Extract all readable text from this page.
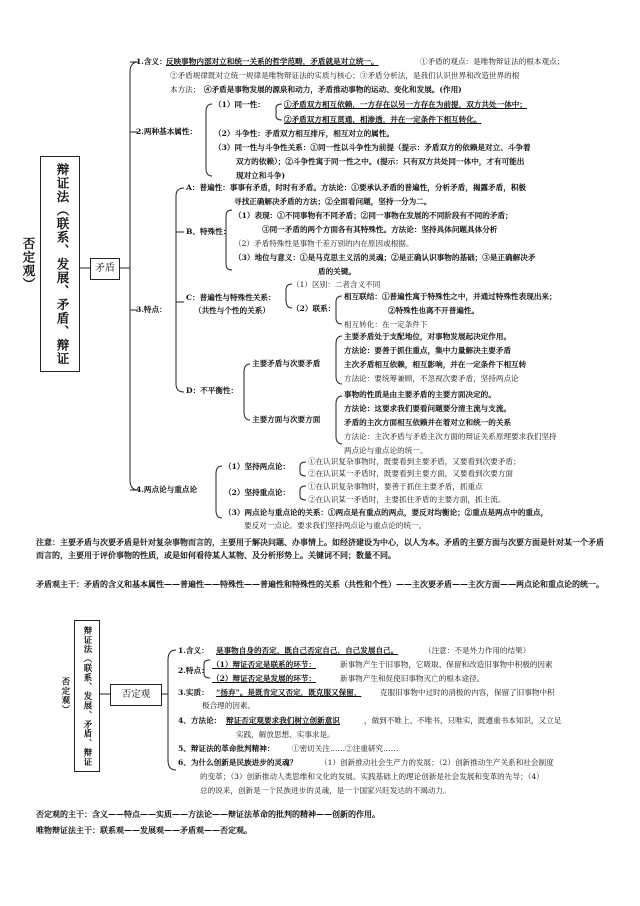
辩证法（联系、发展、矛盾、辩证否定观）	矛盾
1.含义： 反映事物内部对立和统一关系的哲学范畴，矛盾就是对立统一。	①矛盾的观点：是唯物辩证法的根本观点；
②矛盾规律既对立统一规律是唯物辩证法的实质与核心；③矛盾分析法，是我们认识世界和改造世界的根
本方法； ④矛盾是事物发展的源泉和动力，矛盾推动事物的运动、变化和发展。(作用)
2.两种基本属性：
（1）同一性：	①矛盾双方相互依赖，一方存在以另一方存在为前提，双方共处一体中；
②矛盾双方相互贯通，相渗透，并在一定条件下相互转化。
（2）斗争性：矛盾双方相互排斥，相互对立的属性。
（3）同一性与斗争性关系：①同一性以斗争性为前提（提示：矛盾双方的依赖是对立、斗争着
双方的依赖）；②斗争性寓于同一性之中。(提示：只有双方共处同一体中，才有可能出
现对立和斗争)
3.特点：
A：普遍性：事事有矛盾，时时有矛盾。方法论：①要承认矛盾的普遍性，分析矛盾，揭露矛盾，积极
寻找正确解决矛盾的方法；②全面看问题，坚持一分为二。
B、特殊性：
（1）表现：①不同事物有不同矛盾；②同一事物在发展的不同阶段有不同的矛盾；
③同一矛盾的两个方面各有其特殊性。方法论：坚持具体问题具体分析
（2）矛盾特殊性是事物千差万别的内在原因或根据。
（3）地位与意义：①是马克思主义活的灵魂；②是正确认识事物的基础；③是正确解决矛
盾的关键。
C：普遍性与特殊性关系：
（共性与个性的关系）
（1）区别：二者含义不同
（2）联系：
相互联结：①普遍性寓于特殊性之中，并通过特殊性表现出来；
②特殊性也离不开普遍性。
相互转化：在一定条件下
D：不平衡性：
主要矛盾与次要矛盾
主要矛盾处于支配地位，对事物发展起决定作用。
方法论：要善于抓住重点，集中力量解决主要矛盾
主次矛盾相互依赖，相互影响，并在一定条件下相互转
方法论：要统筹兼顾，不忽视次要矛盾，坚持两点论
主要方面与次要方面
事物的性质是由主要矛盾的主要方面决定的。
方法论：这要求我们要看问题要分清主流与支流。
矛盾的主次方面相互依赖并在着对立和统一的关系
方法论：主次矛盾与矛盾主次方面的辩证关系原理要求我们坚持
两点论与重点论的统一。
4.两点论与重点论
（1）坚持两点论：
①在认识复杂事物时，既要看到主要矛盾，又要看到次要矛盾；
②在认识某一矛盾时，既要看到主要方面，又要看到次要方面
（2）坚持重点论：
①在认识复杂事物时，要善于抓住主要矛盾，抓重点
②在认识某一矛盾时，主要抓住矛盾的主要方面，抓主流。
（3）两点论与重点论的关系：①两点是有重点的两点，要反对均衡论；②重点是两点中的重点，
要反对一点论。要求我们坚持两点论与重点论的统一。
注意：主要矛盾与次要矛盾是针对复杂事物而言的，主要用于解决问题、办事情上。如经济建设为中心，以人为本。矛盾的主要方面与次要方面是针对某一个矛盾而言的，主要用于评价事物的性质，或是如何看待某人某物、及分析形势上。关键词不同；数量不同。
矛盾观主干：矛盾的含义和基本属性——普遍性——特殊性——普遍性和特殊性的关系（共性和个性）——主次要矛盾——主次方面——两点论和重点论的统一。
辩证法（联系、发展、矛盾、辩证否定观）	否定观
1.含义： 是事物自身的否定，既自己否定自己，自己发展自己。	（注意：不是外力作用的结果）
2.特点：
（1）辩证否定是联系的环节：	新事物产生于旧事物，它吸取、保留和改造旧事物中积极的因素
（2）辩证否定是发展的环节：	新事物产生和促使旧事物灭亡的根本途径。
3.实质： “扬弃”。是既肯定又否定，既克服又保留， 克服旧事物中过时的消极的内容，保留了旧事物中积
极合理的因素。
4、方法论： 辩证否定观要求我们树立创新意识	，做到不唯上、不唯书、只唯实，既遵重书本知识，又立足
实践，解放思想、实事求是。
5、辩证法的革命批判精神： ①密切关注……②注重研究……
6、为什么创新是民族进步的灵魂？	（1）创新推动社会生产力的发展；（2）创新推动生产关系和社会制度
的变革；（3）创新推动人类思维和文化的发展。实践基础上的理论创新是社会发展和变革的先导；（4）
总的说来，创新是一个民族进步的灵魂，是一个国家兴旺发达的不竭动力。
否定观的主干：含义——特点——实质——方法论——辩证法革命的批判的精神——创新的作用。
唯物辩证法主干：联系观——发展观——矛盾观——否定观。
